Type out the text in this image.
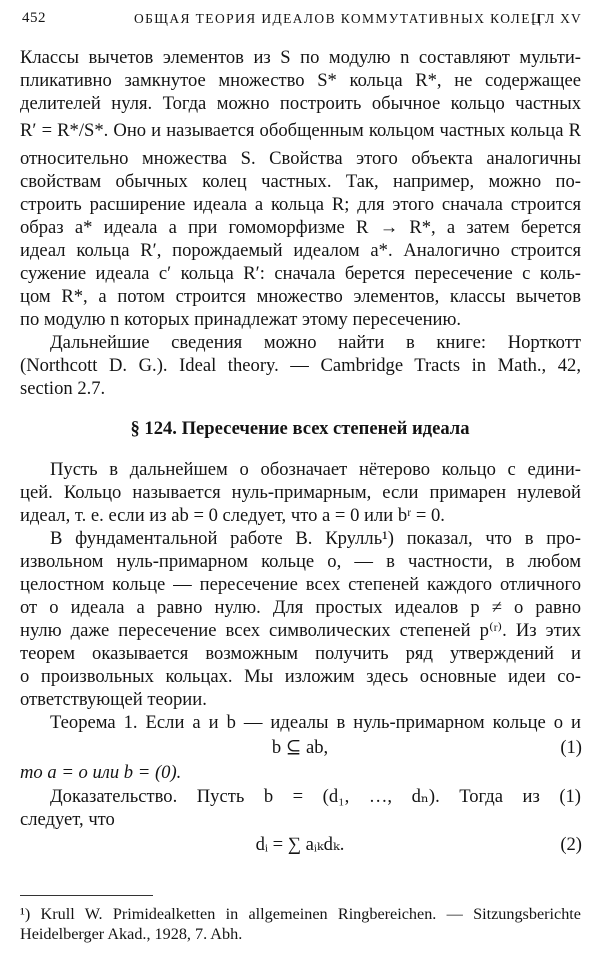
452	ОБЩАЯ ТЕОРИЯ ИДЕАЛОВ КОММУТАТИВНЫХ КОЛЕЦ
[ГЛ XV
Классы вычетов элементов из S по модулю n составляют мульти-
пликативно замкнутое множество S* кольца R*, не содержащее
делителей нуля. Тогда можно построить обычное кольцо частных
R′ = R*/S*. Оно и называется обобщенным кольцом частных кольца R
относительно множества S. Свойства этого объекта аналогичны
свойствам обычных колец частных. Так, например, можно по-
строить расширение идеала a кольца R; для этого сначала строится
образ a* идеала a при гомоморфизме R → R*, а затем берется
идеал кольца R′, порождаемый идеалом a*. Аналогично строится
сужение идеала c′ кольца R′: сначала берется пересечение с коль-
цом R*, а потом строится множество элементов, классы вычетов
по модулю n которых принадлежат этому пересечению.
Дальнейшие сведения можно найти в книге: Норткотт
(Northcott D. G.). Ideal theory. — Cambridge Tracts in Math., 42,
section 2.7.
§ 124. Пересечение всех степеней идеала
Пусть в дальнейшем o обозначает нётерово кольцо с едини-
цей. Кольцо называется нуль-примарным, если примарен нулевой
идеал, т. е. если из ab = 0 следует, что a = 0 или bʳ = 0.
В фундаментальной работе В. Крулль¹) показал, что в про-
извольном нуль-примарном кольце o, — в частности, в любом
целостном кольце — пересечение всех степеней каждого отличного
от o идеала a равно нулю. Для простых идеалов p ≠ o равно
нулю даже пересечение всех символических степеней p⁽ʳ⁾. Из этих
теорем оказывается возможным получить ряд утверждений и
о произвольных кольцах. Мы изложим здесь основные идеи со-
ответствующей теории.
Теорема 1. Если a и b — идеалы в нуль-примарном кольце o и
b ⊆ ab,	(1)
то a = o или b = (0).
Доказательство. Пусть b = (d₁, …, dₙ). Тогда из (1)
следует, что
dᵢ = ∑ aᵢₖdₖ.	(2)
¹) Krull W. Primidealketten in allgemeinen Ringbereichen. — Sitzungsberichte
Heidelberger Akad., 1928, 7. Abh.
